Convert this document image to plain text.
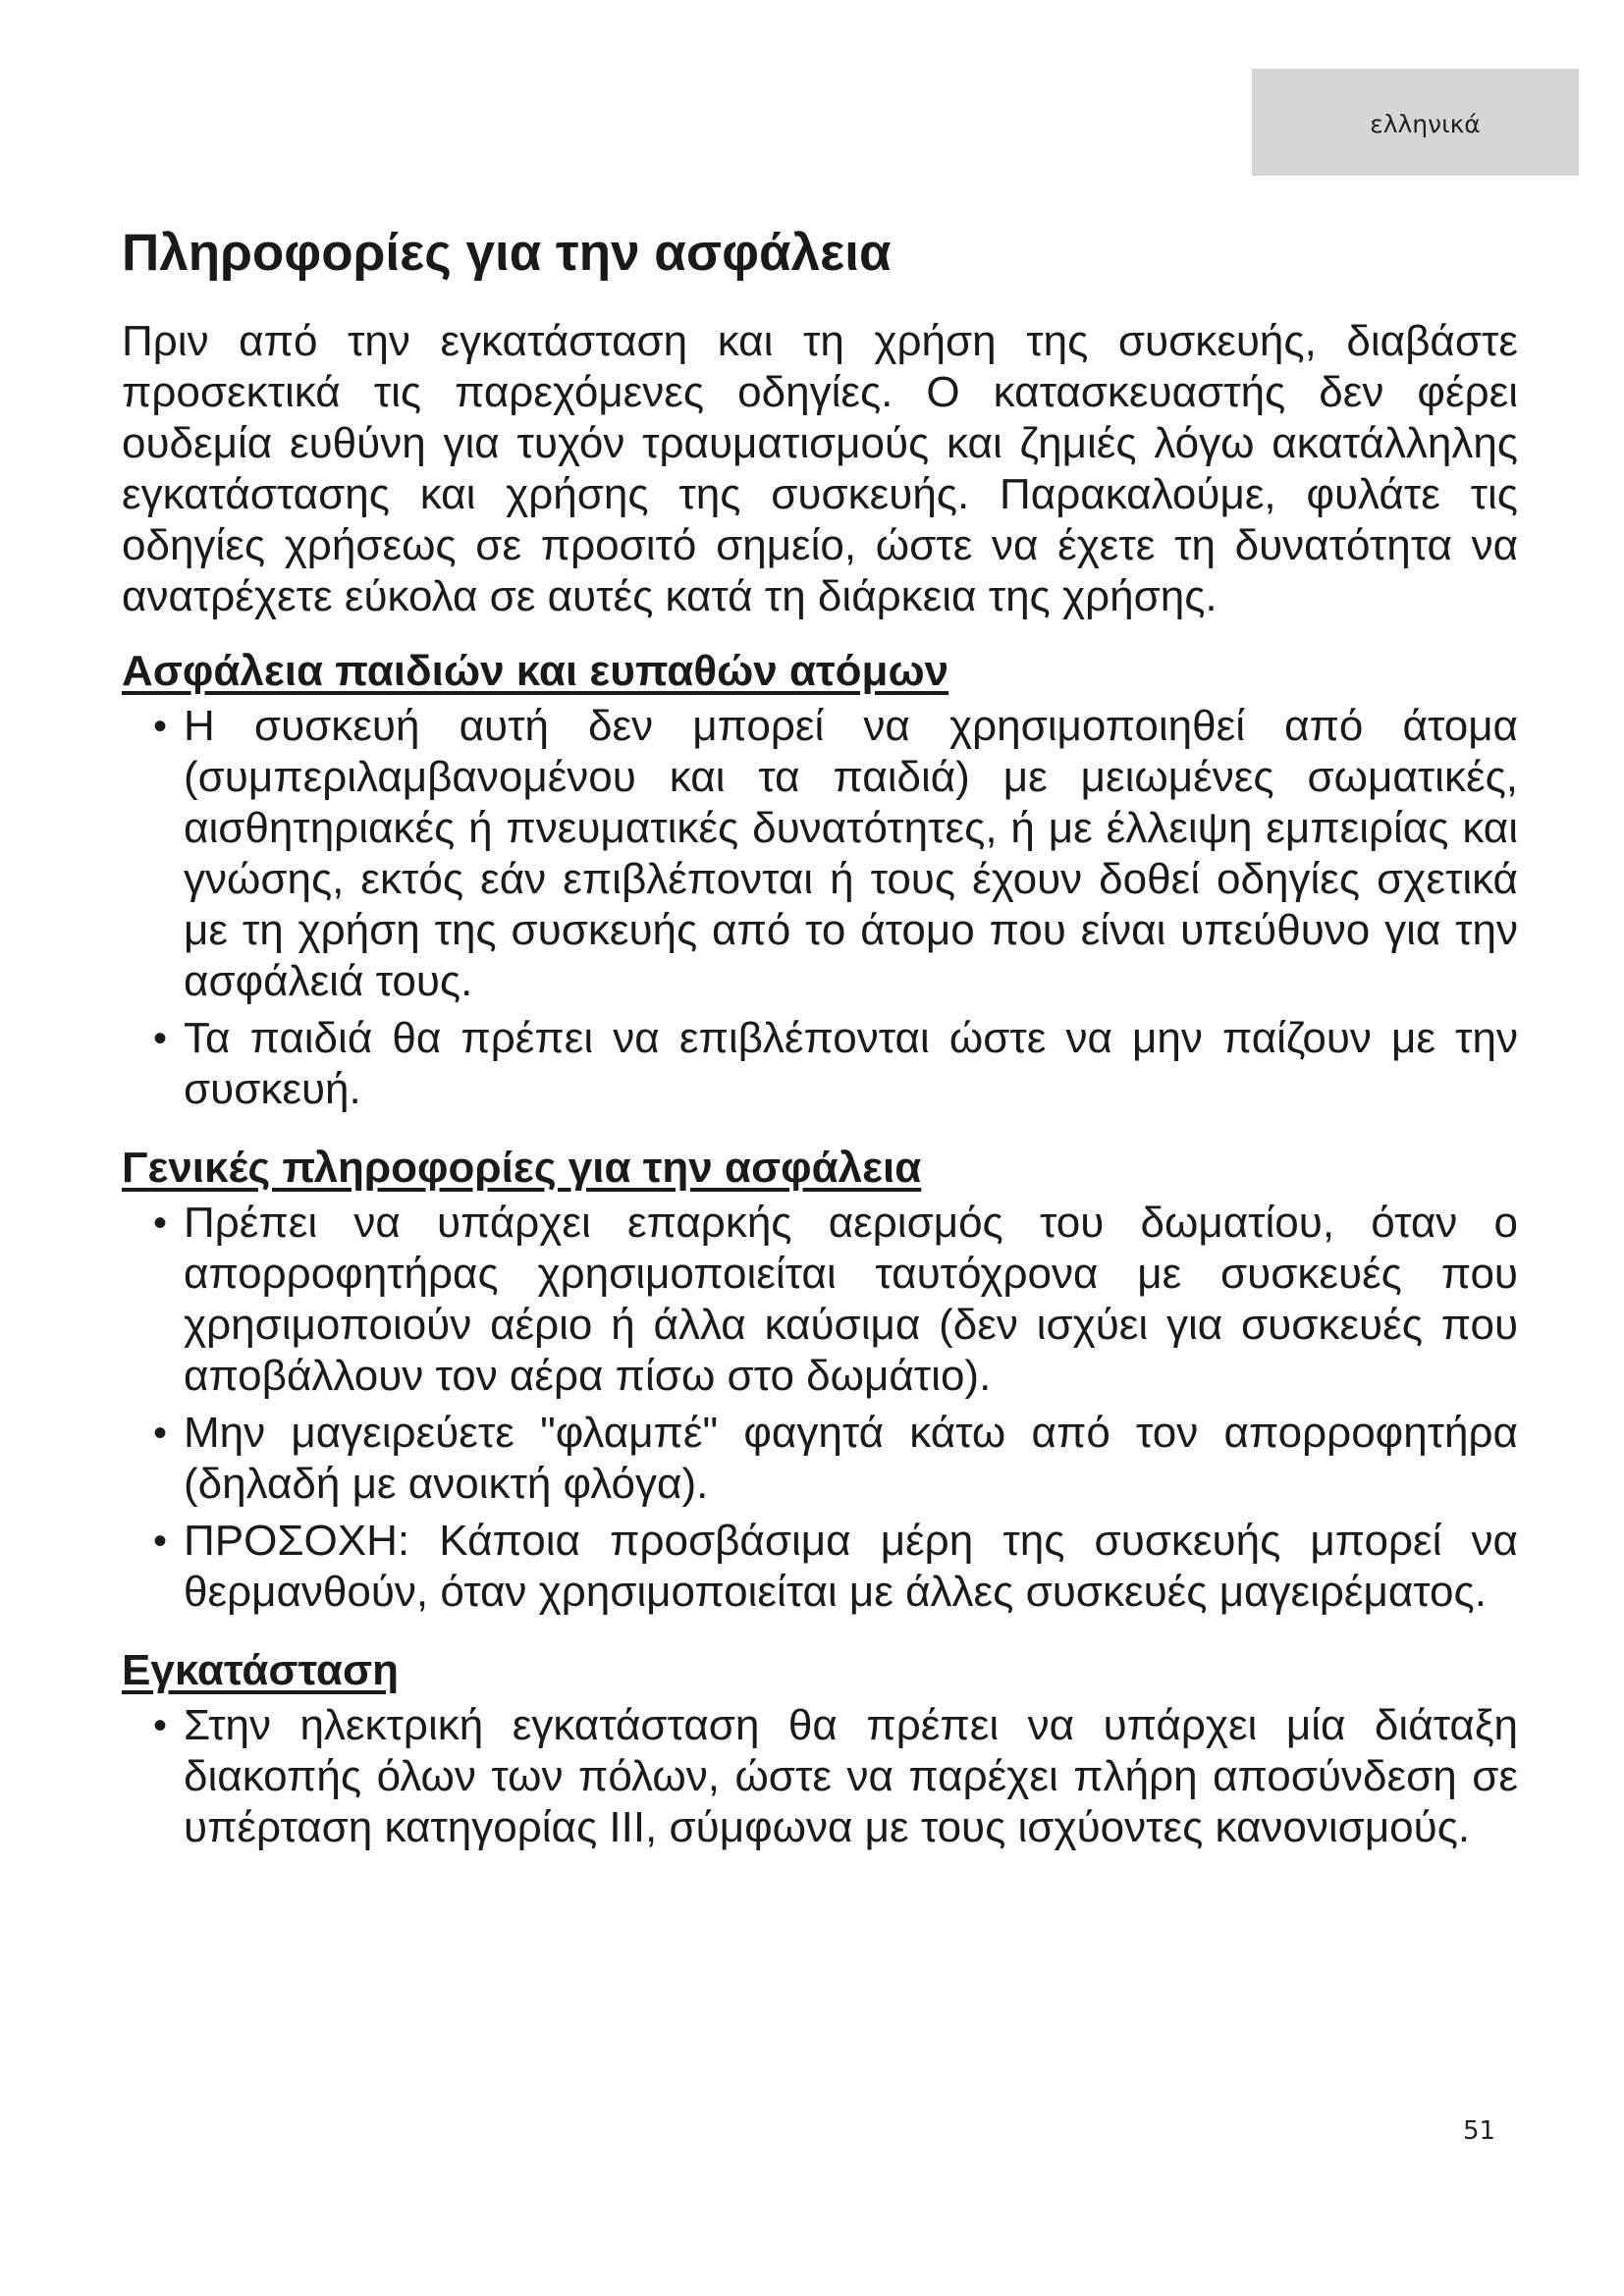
ελληνικά
Πληροφορίες για την ασφάλεια

Πριν από την εγκατάσταση και τη χρήση της συσκευής, διαβάστε προσεκτικά τις παρεχόμενες οδηγίες. Ο κατασκευαστής δεν φέρει ουδεμία ευθύνη για τυχόν τραυματισμούς και ζημιές λόγω ακατάλληλης εγκατάστασης και χρήσης της συσκευής. Παρακαλούμε, φυλάτε τις οδηγίες χρήσεως σε προσιτό σημείο, ώστε να έχετε τη δυνατότητα να ανατρέχετε εύκολα σε αυτές κατά τη διάρκεια της χρήσης.

Ασφάλεια παιδιών και ευπαθών ατόμων
• Η συσκευή αυτή δεν μπορεί να χρησιμοποιηθεί από άτομα (συμπεριλαμβανομένου και τα παιδιά) με μειωμένες σωματικές, αισθητηριακές ή πνευματικές δυνατότητες, ή με έλλειψη εμπειρίας και γνώσης, εκτός εάν επιβλέπονται ή τους έχουν δοθεί οδηγίες σχετικά με τη χρήση της συσκευής από το άτομο που είναι υπεύθυνο για την ασφάλειά τους.
• Τα παιδιά θα πρέπει να επιβλέπονται ώστε να μην παίζουν με την συσκευή.
Γενικές πληροφορίες για την ασφάλεια
• Πρέπει να υπάρχει επαρκής αερισμός του δωματίου, όταν ο απορροφητήρας χρησιμοποιείται ταυτόχρονα με συσκευές που χρησιμοποιούν αέριο ή άλλα καύσιμα (δεν ισχύει για συσκευές που αποβάλλουν τον αέρα πίσω στο δωμάτιο).
• Μην μαγειρεύετε "φλαμπέ" φαγητά κάτω από τον απορροφητήρα (δηλαδή με ανοικτή φλόγα).
• ΠΡΟΣΟΧΗ: Κάποια προσβάσιμα μέρη της συσκευής μπορεί να θερμανθούν, όταν χρησιμοποιείται με άλλες συσκευές μαγειρέματος.
Εγκατάσταση
• Στην ηλεκτρική εγκατάσταση θα πρέπει να υπάρχει μία διάταξη διακοπής όλων των πόλων, ώστε να παρέχει πλήρη αποσύνδεση σε υπέρταση κατηγορίας III, σύμφωνα με τους ισχύοντες κανονισμούς.
51
